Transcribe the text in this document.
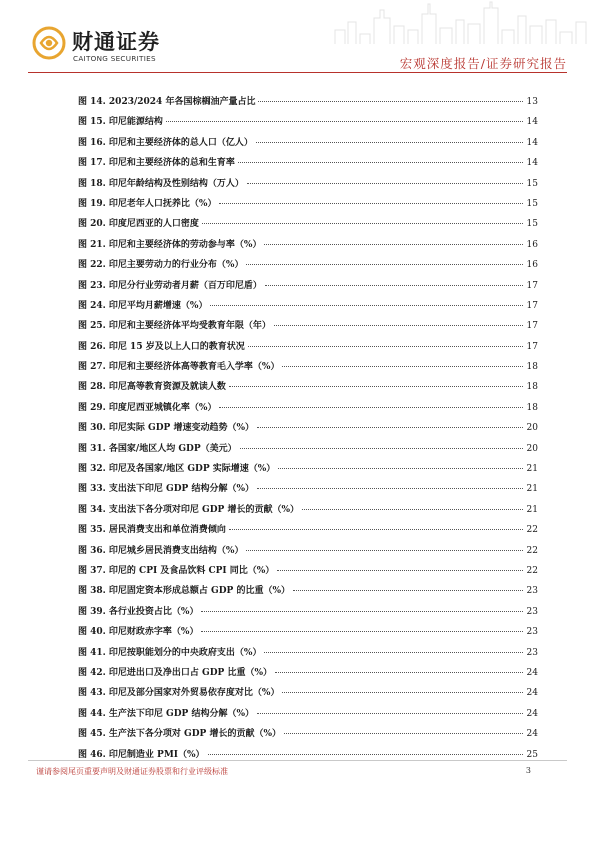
财通证券
CAITONG SECURITIES	宏观深度报告/证券研究报告
图 14. 2023/2024 年各国棕榈油产量占比	13
图 15. 印尼能源结构	14
图 16. 印尼和主要经济体的总人口（亿人）	14
图 17. 印尼和主要经济体的总和生育率	14
图 18. 印尼年龄结构及性别结构（万人）	15
图 19. 印尼老年人口抚养比（%）	15
图 20. 印度尼西亚的人口密度	15
图 21. 印尼和主要经济体的劳动参与率（%）	16
图 22. 印尼主要劳动力的行业分布（%）	16
图 23. 印尼分行业劳动者月薪（百万印尼盾）	17
图 24. 印尼平均月薪增速（%）	17
图 25. 印尼和主要经济体平均受教育年限（年）	17
图 26. 印尼 15 岁及以上人口的教育状况	17
图 27. 印尼和主要经济体高等教育毛入学率（%）	18
图 28. 印尼高等教育资源及就读人数	18
图 29. 印度尼西亚城镇化率（%）	18
图 30. 印尼实际 GDP 增速变动趋势（%）	20
图 31. 各国家/地区人均 GDP（美元）	20
图 32. 印尼及各国家/地区 GDP 实际增速（%）	21
图 33. 支出法下印尼 GDP 结构分解（%）	21
图 34. 支出法下各分项对印尼 GDP 增长的贡献（%）	21
图 35. 居民消费支出和单位消费倾向	22
图 36. 印尼城乡居民消费支出结构（%）	22
图 37. 印尼的 CPI 及食品饮料 CPI 同比（%）	22
图 38. 印尼固定资本形成总额占 GDP 的比重（%）	23
图 39. 各行业投资占比（%）	23
图 40. 印尼财政赤字率（%）	23
图 41. 印尼按职能划分的中央政府支出（%）	23
图 42. 印尼进出口及净出口占 GDP 比重（%）	24
图 43. 印尼及部分国家对外贸易依存度对比（%）	24
图 44. 生产法下印尼 GDP 结构分解（%）	24
图 45. 生产法下各分项对 GDP 增长的贡献（%）	24
图 46. 印尼制造业 PMI（%）	25
谨请参阅尾页重要声明及财通证券股票和行业评级标准	3
